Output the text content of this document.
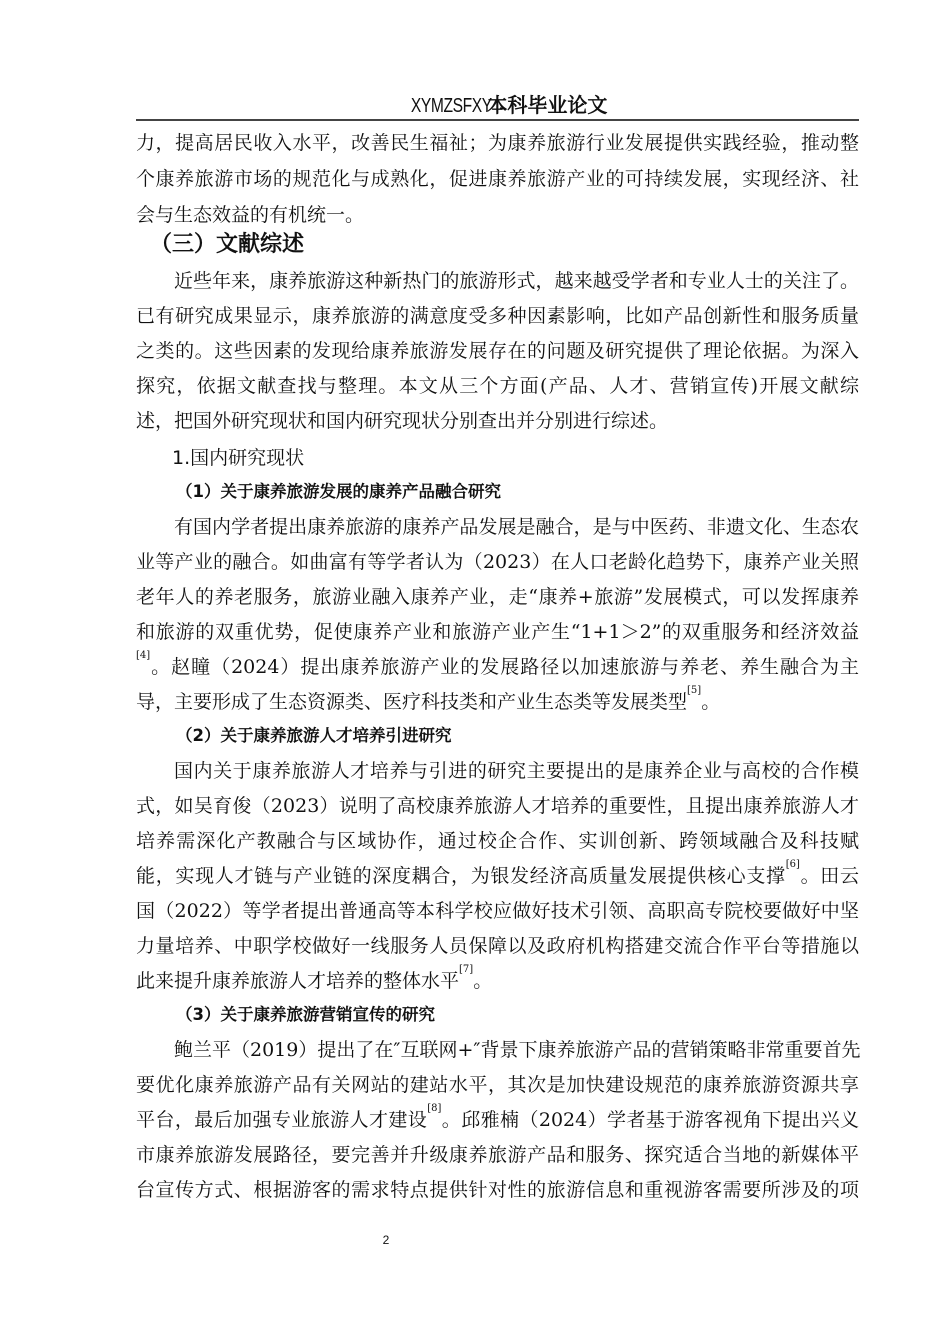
XYMZSFXY本科毕业论文
力，提高居民收入水平，改善民生福祉；为康养旅游行业发展提供实践经验，推动整
个康养旅游市场的规范化与成熟化，促进康养旅游产业的可持续发展，实现经济、社
会与生态效益的有机统一。
（三）文献综述
近些年来，康养旅游这种新热门的旅游形式，越来越受学者和专业人士的关注了。
已有研究成果显示，康养旅游的满意度受多种因素影响，比如产品创新性和服务质量
之类的。这些因素的发现给康养旅游发展存在的问题及研究提供了理论依据。为深入
探究，依据文献查找与整理。本文从三个方面(产品、人才、营销宣传)开展文献综
述，把国外研究现状和国内研究现状分别查出并分别进行综述。
1.国内研究现状
（1）关于康养旅游发展的康养产品融合研究
有国内学者提出康养旅游的康养产品发展是融合，是与中医药、非遗文化、生态农
业等产业的融合。如曲富有等学者认为（2023）在人口老龄化趋势下，康养产业关照
老年人的养老服务，旅游业融入康养产业，走“康养+旅游”发展模式，可以发挥康养
和旅游的双重优势，促使康养产业和旅游产业产生“1+1＞2”的双重服务和经济效益
[4]。赵瞳（2024）提出康养旅游产业的发展路径以加速旅游与养老、养生融合为主
导，主要形成了生态资源类、医疗科技类和产业生态类等发展类型[5]。
（2）关于康养旅游人才培养引进研究
国内关于康养旅游人才培养与引进的研究主要提出的是康养企业与高校的合作模
式，如吴育俊（2023）说明了高校康养旅游人才培养的重要性，且提出康养旅游人才
培养需深化产教融合与区域协作，通过校企合作、实训创新、跨领域融合及科技赋
能，实现人才链与产业链的深度耦合，为银发经济高质量发展提供核心支撑[6]。田云
国（2022）等学者提出普通高等本科学校应做好技术引领、高职高专院校要做好中坚
力量培养、中职学校做好一线服务人员保障以及政府机构搭建交流合作平台等措施以
此来提升康养旅游人才培养的整体水平[7]。
（3）关于康养旅游营销宣传的研究
鲍兰平（2019）提出了在″互联网+″背景下康养旅游产品的营销策略非常重要首先
要优化康养旅游产品有关网站的建站水平，其次是加快建设规范的康养旅游资源共享
平台，最后加强专业旅游人才建设[8]。邱雅楠（2024）学者基于游客视角下提出兴义
市康养旅游发展路径，要完善并升级康养旅游产品和服务、探究适合当地的新媒体平
台宣传方式、根据游客的需求特点提供针对性的旅游信息和重视游客需要所涉及的项
2
